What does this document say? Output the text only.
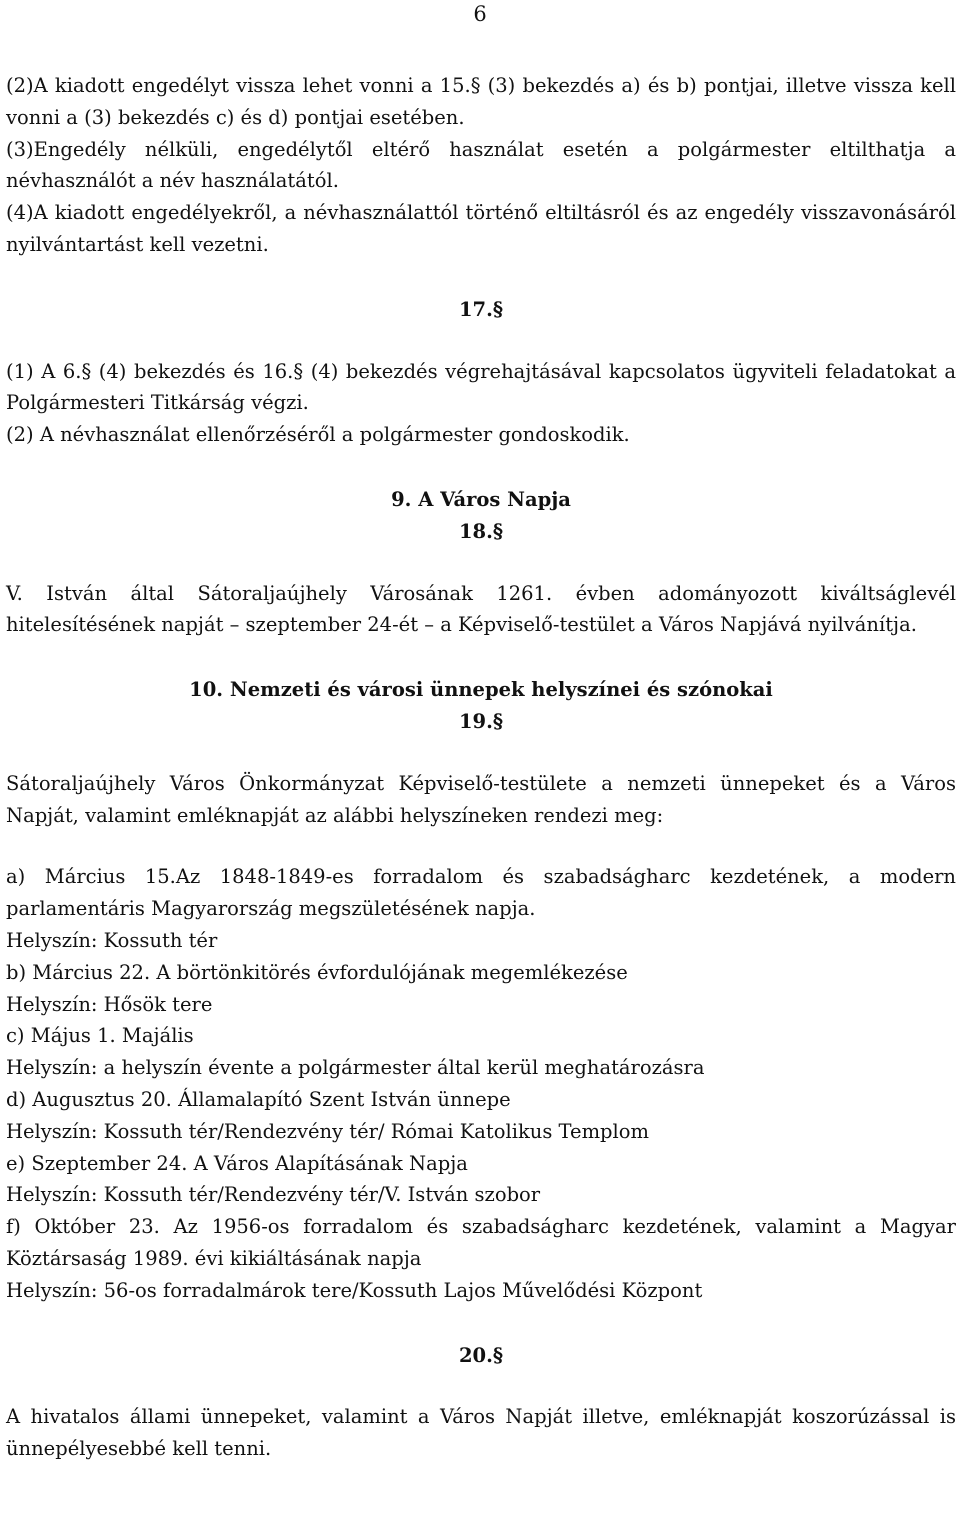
6

(2)A kiadott engedélyt vissza lehet vonni a 15.§ (3) bekezdés a) és b) pontjai, illetve vissza kell vonni a (3) bekezdés c) és d) pontjai esetében.

(3)Engedély nélküli, engedélytől eltérő használat esetén a polgármester eltilthatja a névhasználót a név használatától.

(4)A kiadott engedélyekről, a névhasználattól történő eltiltásról és az engedély visszavonásáról nyilvántartást kell vezetni.

17.§

(1) A 6.§ (4) bekezdés és 16.§ (4) bekezdés végrehajtásával kapcsolatos ügyviteli feladatokat a Polgármesteri Titkárság végzi.

(2) A névhasználat ellenőrzéséről a polgármester gondoskodik.

9. A Város Napja

18.§

V. István által Sátoraljaújhely Városának 1261. évben adományozott kiváltságlevél hitelesítésének napját – szeptember 24-ét – a Képviselő-testület a Város Napjává nyilvánítja.

10. Nemzeti és városi ünnepek helyszínei és szónokai

19.§

Sátoraljaújhely Város Önkormányzat Képviselő-testülete a nemzeti ünnepeket és a Város Napját, valamint emléknapját az alábbi helyszíneken rendezi meg:

a) Március 15.Az 1848-1849-es forradalom és szabadságharc kezdetének, a modern parlamentáris Magyarország megszületésének napja.

Helyszín: Kossuth tér

b) Március 22. A börtönkitörés évfordulójának megemlékezése

Helyszín: Hősök tere

c) Május 1. Majális

Helyszín: a helyszín évente a polgármester által kerül meghatározásra

d) Augusztus 20. Államalapító Szent István ünnepe

Helyszín: Kossuth tér/Rendezvény tér/ Római Katolikus Templom

e) Szeptember 24. A Város Alapításának Napja

Helyszín: Kossuth tér/Rendezvény tér/V. István szobor

f) Október 23. Az 1956-os forradalom és szabadságharc kezdetének, valamint a Magyar Köztársaság 1989. évi kikiáltásának napja

Helyszín: 56-os forradalmárok tere/Kossuth Lajos Művelődési Központ

20.§

A hivatalos állami ünnepeket, valamint a Város Napját illetve, emléknapját koszorúzással is ünnepélyesebbé kell tenni.
